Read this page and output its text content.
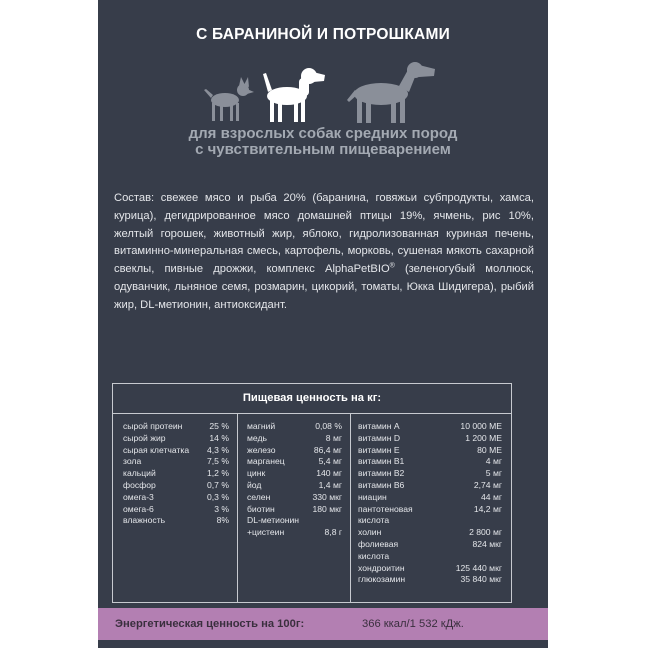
С БАРАНИНОЙ И ПОТРОШКАМИ
для взрослых собак средних пород
с чувствительным пищеварением
Состав: свежее мясо и рыба 20% (баранина, говяжьи субпродукты, хамса, курица), дегидрированное мясо домашней птицы 19%, ячмень, рис 10%, желтый горошек, животный жир, яблоко, гидролизованная куриная печень, витаминно-минеральная смесь, картофель, морковь, сушеная мякоть сахарной свеклы, пивные дрожжи, комплекс AlphaPetBIO® (зеленогубый моллюск, одуванчик, льняное семя, розмарин, цикорий, томаты, Юкка Шидигера), рыбий жир, DL-метионин, антиоксидант.
Пищевая ценность на кг:
сырой протеин	25 %
сырой жир	14 %
сырая клетчатка 4,3 %
зола	7,5 %
кальций	1,2 %
фосфор	0,7 %
омега-3	0,3 %
омега-6	3 %
влажность	8%
магний	0,08 %
медь	8 мг
железо	86,4 мг
марганец	5,4 мг
цинк	140 мг
йод	1,4 мг
селен	330 мкг
биотин	180 мкг
DL-метионин
+цистеин	8,8 г
витамин А	10 000 МЕ
витамин D	1 200 МЕ
витамин Е	80 МЕ
витамин В1	4 мг
витамин В2	5 мг
витамин В6	2,74 мг
ниацин	44 мг
пантотеновая	14,2 мг
кислота
холин	2 800 мг
фолиевая	824 мкг
кислота
хондроитин	125 440 мкг
глюкозамин	35 840 мкг
Энергетическая ценность на 100г:	366 ккал/1 532 кДж.
